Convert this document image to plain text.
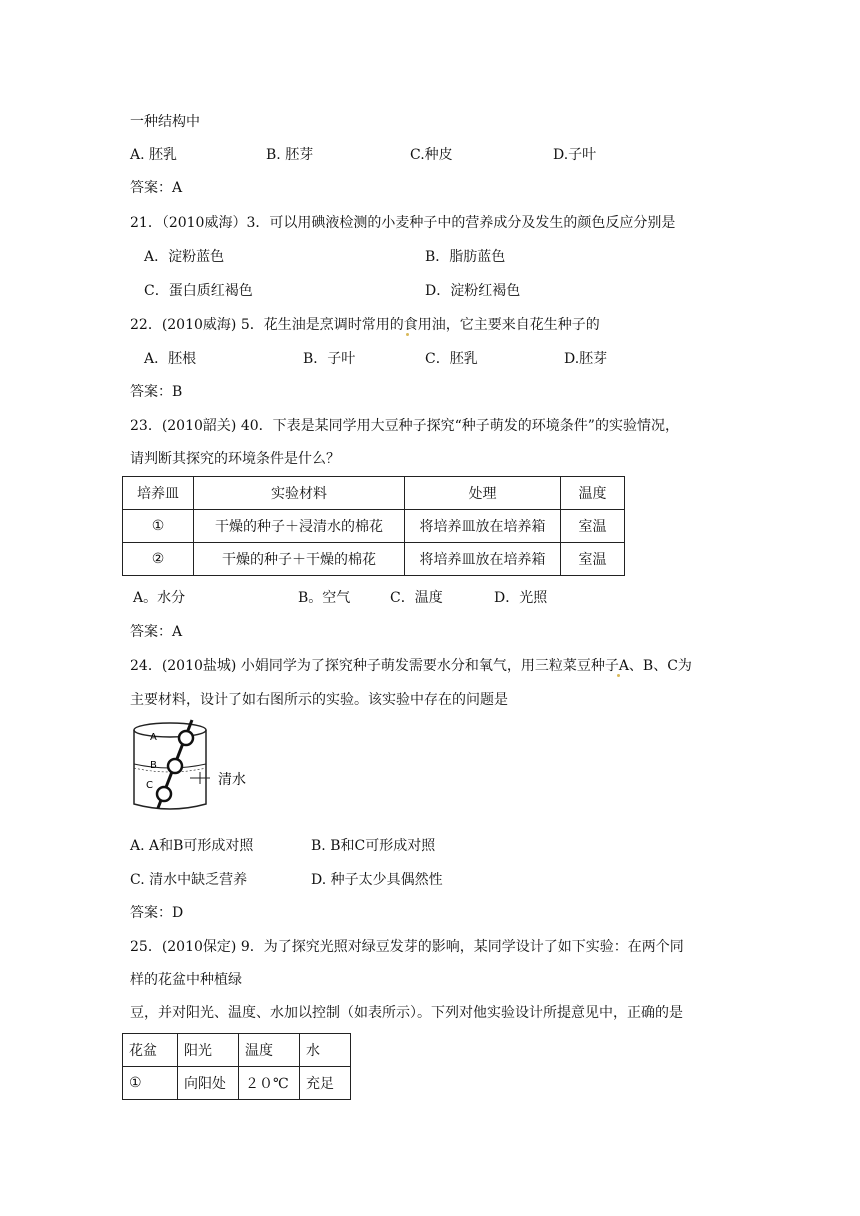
一种结构中
A. 胚乳	B. 胚芽	C.种皮	D.子叶
答案：A
21．（2010威海）3．可以用碘液检测的小麦种子中的营养成分及发生的颜色反应分别是
A．淀粉蓝色	B．脂肪蓝色
C．蛋白质红褐色	D．淀粉红褐色
22．(2010威海) 5．花生油是烹调时常用的食用油，它主要来自花生种子的
A．胚根	B．子叶	C．胚乳	D.胚芽
答案：B
23．(2010韶关) 40．下表是某同学用大豆种子探究“种子萌发的环境条件”的实验情况，
请判断其探究的环境条件是什么？
培养皿	实验材料	处理	温度
①	干燥的种子＋浸清水的棉花	将培养皿放在培养箱	室温
②	干燥的种子＋干燥的棉花	将培养皿放在培养箱	室温
A。水分	B。空气	C．温度	D．光照
答案：A
24．(2010盐城) 小娟同学为了探究种子萌发需要水分和氧气，用三粒菜豆种子A、B、C为
主要材料，设计了如右图所示的实验。该实验中存在的问题是
A
B
C	清水
A. A和B可形成对照	B. B和C可形成对照
C. 清水中缺乏营养	D. 种子太少具偶然性
答案：D
25．(2010保定) 9．为了探究光照对绿豆发芽的影响，某同学设计了如下实验：在两个同
样的花盆中种植绿
豆，并对阳光、温度、水加以控制（如表所示）。下列对他实验设计所提意见中，正确的是
花盆	阳光	温度	水
①	向阳处	２０℃	充足
